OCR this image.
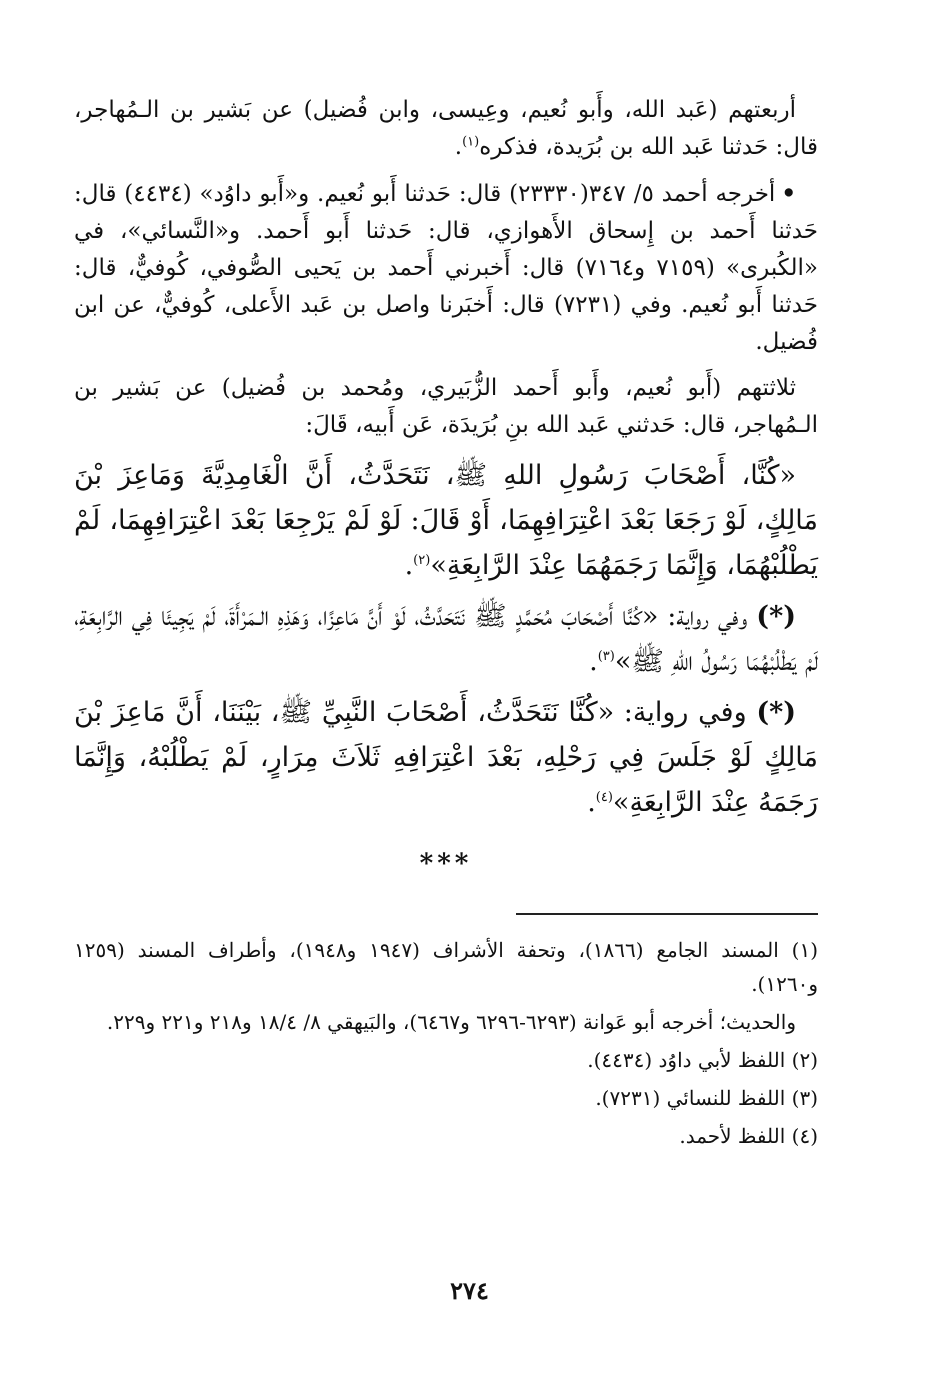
أربعتهم (عَبد الله، وأَبو نُعيم، وعِيسى، وابن فُضيل) عن بَشير بن الـمُهاجر، قال: حَدثنا عَبد الله بن بُرَيدة، فذكره$^{(١)}$.

•أخرجه أحمد ٥/ ٣٤٧(٢٣٣٣٠) قال: حَدثنا أَبو نُعيم. و«أَبو داوُد» (٤٤٣٤) قال: حَدثنا أَحمد بن إِسحاق الأَهوازي، قال: حَدثنا أَبو أَحمد. و«النَّسائي»، في «الكُبرى» (٧١٥٩ و٧١٦٤) قال: أَخبرني أَحمد بن يَحيى الصُّوفي، كُوفيٌّ، قال: حَدثنا أَبو نُعيم. وفي (٧٢٣١) قال: أَخبَرنا واصل بن عَبد الأَعلى، كُوفيٌّ، عن ابن فُضيل.

ثلاثتهم (أَبو نُعيم، وأَبو أَحمد الزُّبَيري، ومُحمد بن فُضيل) عن بَشير بن الـمُهاجر، قال: حَدثني عَبد الله بنِ بُرَيدَة، عَن أَبيه، قَالَ:

«كُنَّا، أَصْحَابَ رَسُولِ اللهِ ﷺ، نَتَحَدَّثُ، أَنَّ الْغَامِدِيَّةَ وَمَاعِزَ بْنَ مَالِكٍ، لَوْ رَجَعَا بَعْدَ اعْتِرَافِهِمَا، أَوْ قَالَ: لَوْ لَمْ يَرْجِعَا بَعْدَ اعْتِرَافِهِمَا، لَمْ يَطْلُبْهُمَا، وَإِنَّمَا رَجَمَهُمَا عِنْدَ الرَّابِعَةِ»$^{(٢)}$.

(*) وفي رواية: «كُنَّا أَصْحَابَ مُحَمَّدٍ ﷺ نَتَحَدَّثُ، لَوْ أَنَّ مَاعِزًا، وَهَذِهِ الـمَرْأَةَ، لَمْ يَجِيئَا فِي الرَّابِعَةِ، لَمْ يَطْلُبْهُمَا رَسُولُ اللهِ ﷺ»$^{(٣)}$.

(*) وفي رواية: «كُنَّا نَتَحَدَّثُ، أَصْحَابَ النَّبِيِّ ﷺ، بَيْنَنَا، أَنَّ مَاعِزَ بْنَ مَالِكٍ لَوْ جَلَسَ فِي رَحْلِهِ، بَعْدَ اعْتِرَافِهِ ثَلاَثَ مِرَارٍ، لَمْ يَطْلُبْهُ، وَإِنَّمَا رَجَمَهُ عِنْدَ الرَّابِعَةِ»$^{(٤)}$.

***

(١) المسند الجامع (١٨٦٦)، وتحفة الأشراف (١٩٤٧ و١٩٤٨)، وأطراف المسند (١٢٥٩ و١٢٦٠).

والحديث؛ أخرجه أبو عَوانة (٦٢٩٣-٦٢٩٦ و٦٤٦٧)، والبَيهقي ٨/ ١٨/٤ و٢١٨ و٢٢١ و٢٢٩.

(٢) اللفظ لأبي داوُد (٤٤٣٤).

(٣) اللفظ للنسائي (٧٢٣١).

(٤) اللفظ لأحمد.

٢٧٤
